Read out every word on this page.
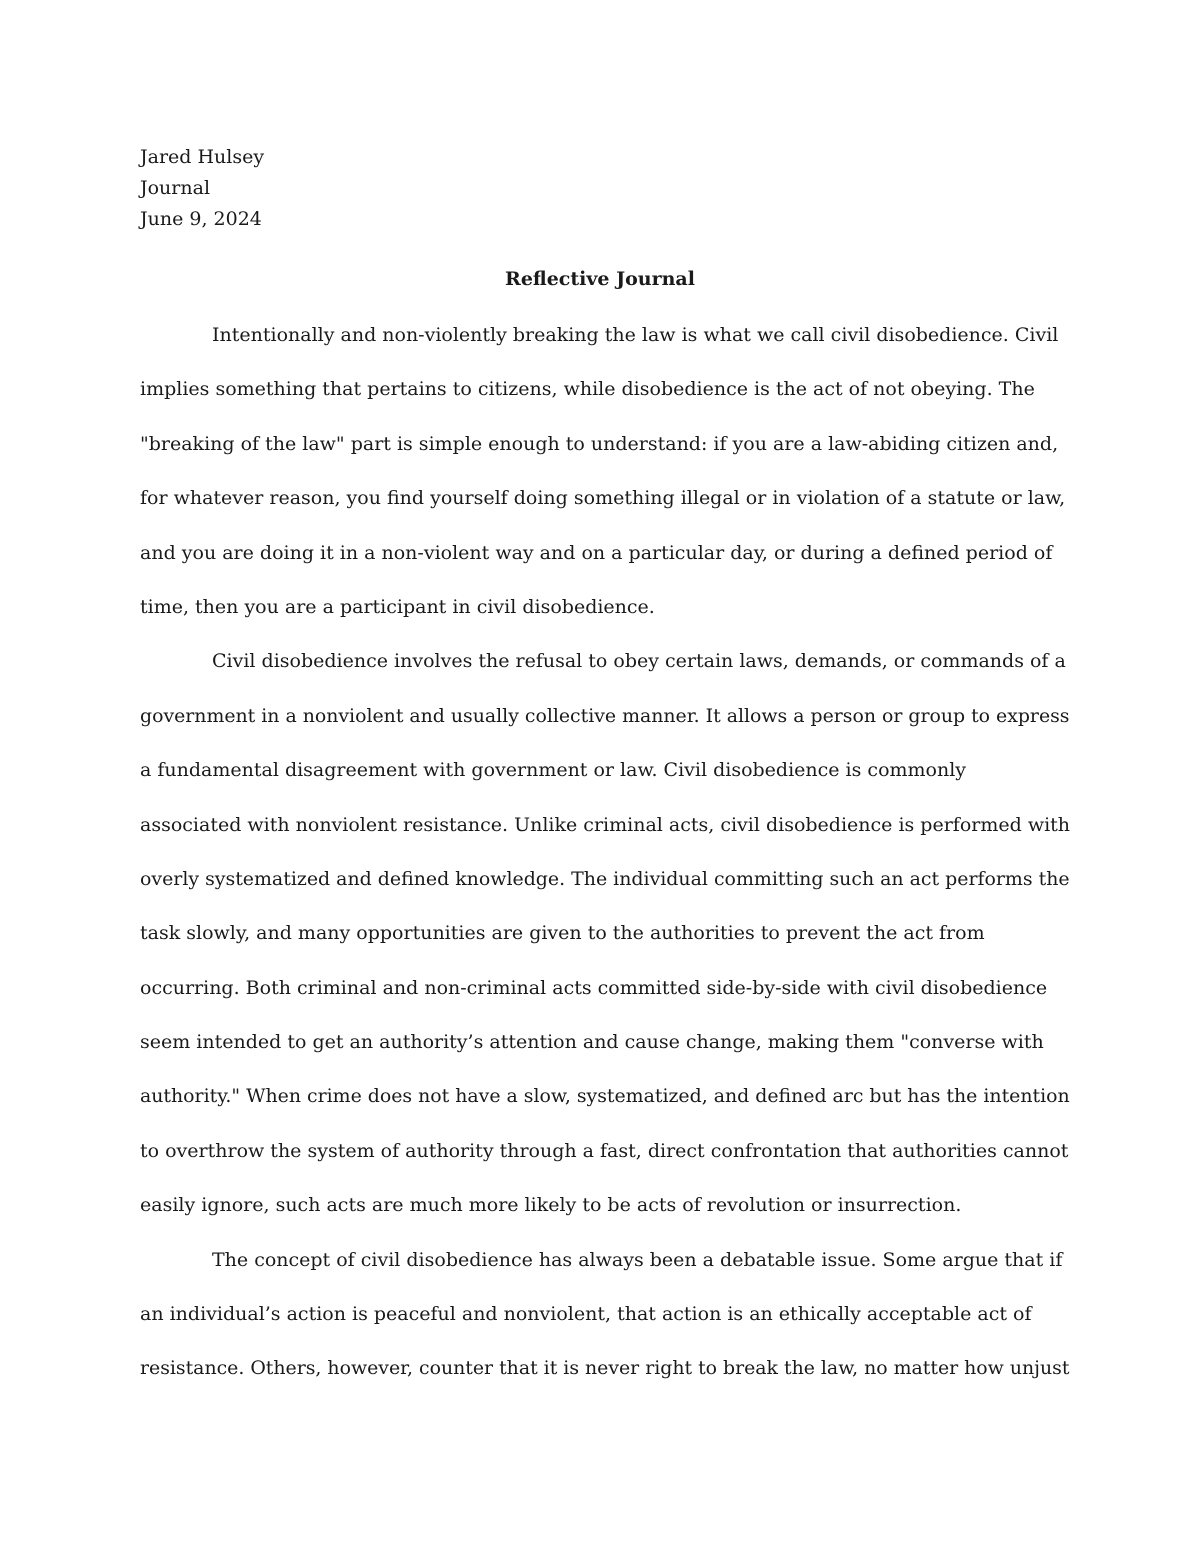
Jared Hulsey
Journal
June 9, 2024
Reflective Journal
Intentionally and non-violently breaking the law is what we call civil disobedience. Civil
implies something that pertains to citizens, while disobedience is the act of not obeying. The
"breaking of the law" part is simple enough to understand: if you are a law-abiding citizen and,
for whatever reason, you find yourself doing something illegal or in violation of a statute or law,
and you are doing it in a non-violent way and on a particular day, or during a defined period of
time, then you are a participant in civil disobedience.
Civil disobedience involves the refusal to obey certain laws, demands, or commands of a
government in a nonviolent and usually collective manner. It allows a person or group to express
a fundamental disagreement with government or law. Civil disobedience is commonly
associated with nonviolent resistance. Unlike criminal acts, civil disobedience is performed with
overly systematized and defined knowledge. The individual committing such an act performs the
task slowly, and many opportunities are given to the authorities to prevent the act from
occurring. Both criminal and non-criminal acts committed side-by-side with civil disobedience
seem intended to get an authority’s attention and cause change, making them "converse with
authority." When crime does not have a slow, systematized, and defined arc but has the intention
to overthrow the system of authority through a fast, direct confrontation that authorities cannot
easily ignore, such acts are much more likely to be acts of revolution or insurrection.
The concept of civil disobedience has always been a debatable issue. Some argue that if
an individual’s action is peaceful and nonviolent, that action is an ethically acceptable act of
resistance. Others, however, counter that it is never right to break the law, no matter how unjust
